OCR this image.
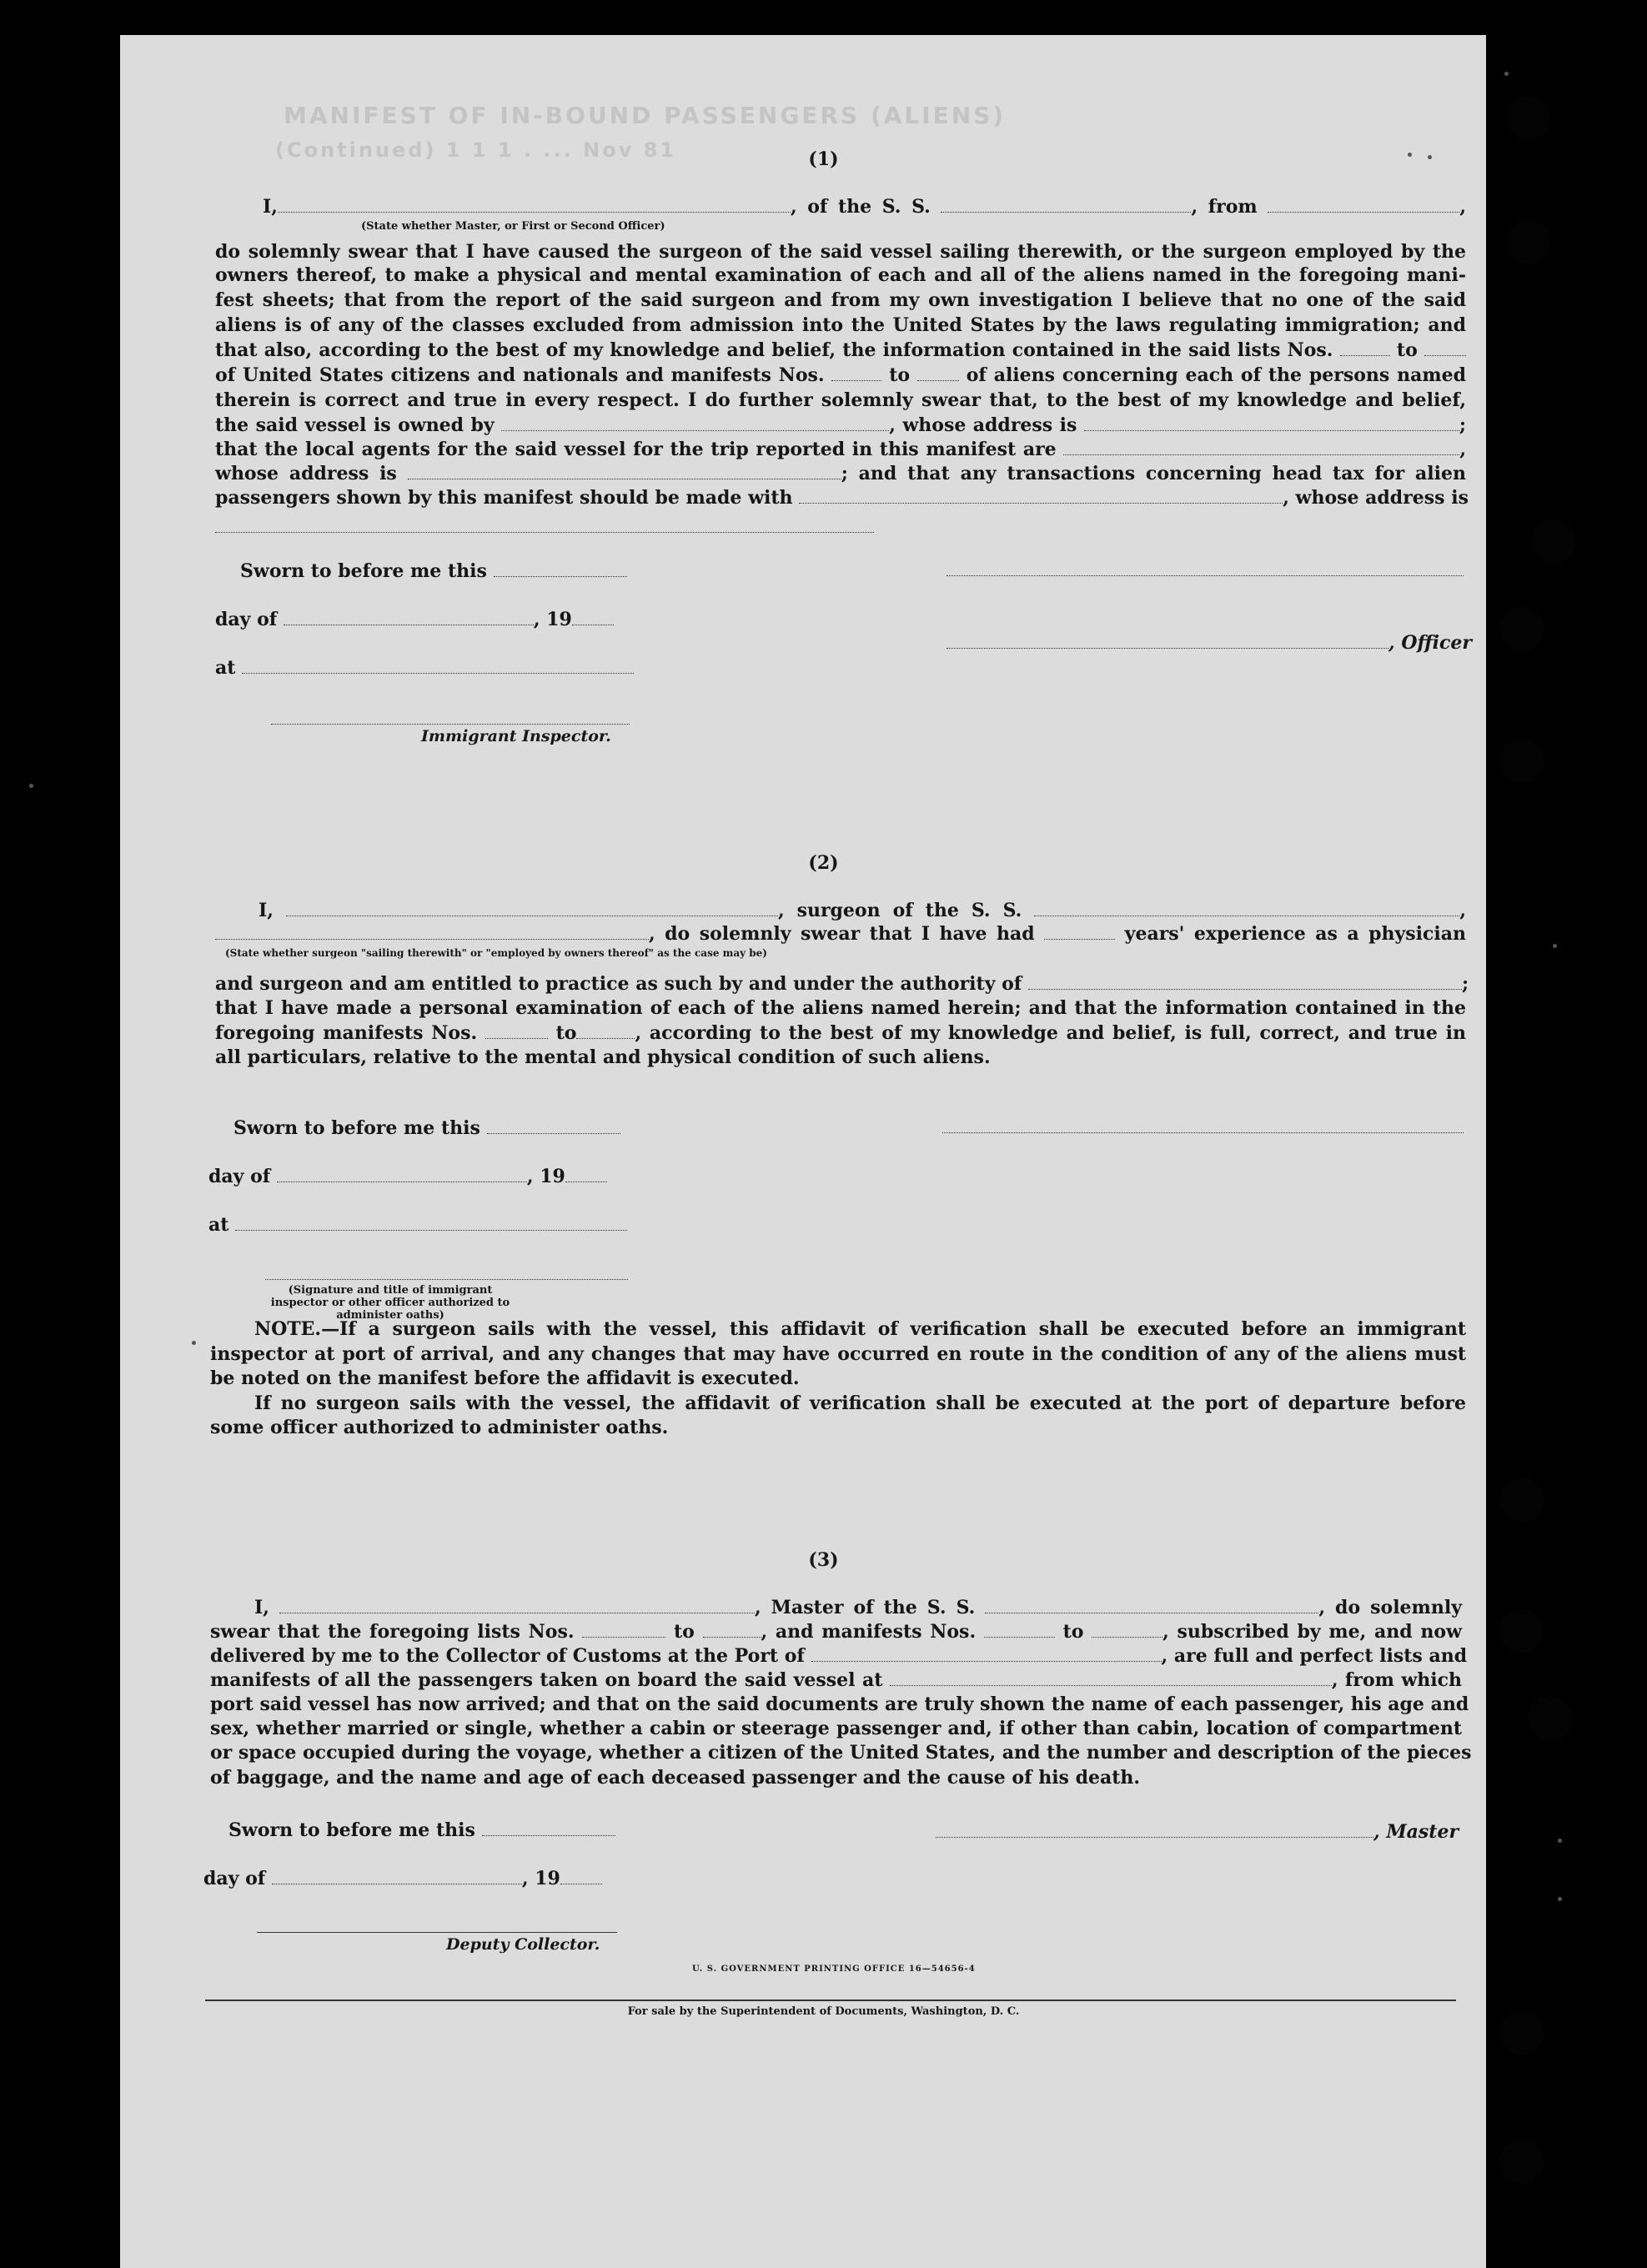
MANIFEST OF IN-BOUND PASSENGERS (ALIENS)
(Continued) 1 1 1 . ... Nov 81	(1)

I,	, of the S. S.	, from	,

(State whether Master, or First or Second Officer)

do solemnly swear that I have caused the surgeon of the said vessel sailing therewith, or the surgeon employed by the

owners thereof, to make a physical and mental examination of each and all of the aliens named in the foregoing mani-

fest sheets; that from the report of the said surgeon and from my own investigation I believe that no one of the said

aliens is of any of the classes excluded from admission into the United States by the laws regulating immigration; and

that also, according to the best of my knowledge and belief, the information contained in the said lists Nos.	to

of United States citizens and nationals and manifests Nos.	to	of aliens concerning each of the persons named

therein is correct and true in every respect. I do further solemnly swear that, to the best of my knowledge and belief,

the said vessel is owned by	, whose address is	;

that the local agents for the said vessel for the trip reported in this manifest are	,

whose address is	; and that any transactions concerning head tax for alien

passengers shown by this manifest should be made with	, whose address is

Sworn to before me this
day of	, 19
at
Immigrant Inspector.
, Officer
(2)

I,	, surgeon of the S. S.	,

, do solemnly swear that I have had	years' experience as a physician

(State whether surgeon "sailing therewith" or "employed by owners thereof" as the case may be)

and surgeon and am entitled to practice as such by and under the authority of	;

that I have made a personal examination of each of the aliens named herein; and that the information contained in the

foregoing manifests Nos.	to	, according to the best of my knowledge and belief, is full, correct, and true in

all particulars, relative to the mental and physical condition of such aliens.

Sworn to before me this
day of	, 19
at
(Signature and title of immigrant inspector or other officer authorized to administer oaths)

NOTE.—If a surgeon sails with the vessel, this affidavit of verification shall be executed before an immigrant

inspector at port of arrival, and any changes that may have occurred en route in the condition of any of the aliens must

be noted on the manifest before the affidavit is executed.

If no surgeon sails with the vessel, the affidavit of verification shall be executed at the port of departure before

some officer authorized to administer oaths.

(3)

I,	, Master of the S. S.	, do solemnly

swear that the foregoing lists Nos.	to	, and manifests Nos.	to	, subscribed by me, and now

delivered by me to the Collector of Customs at the Port of	, are full and perfect lists and

manifests of all the passengers taken on board the said vessel at	, from which

port said vessel has now arrived; and that on the said documents are truly shown the name of each passenger, his age and

sex, whether married or single, whether a cabin or steerage passenger and, if other than cabin, location of compartment

or space occupied during the voyage, whether a citizen of the United States, and the number and description of the pieces

of baggage, and the name and age of each deceased passenger and the cause of his death.

Sworn to before me this	, Master
day of	, 19
Deputy Collector.
U. S. GOVERNMENT PRINTING OFFICE 16—54656-4
For sale by the Superintendent of Documents, Washington, D. C.
